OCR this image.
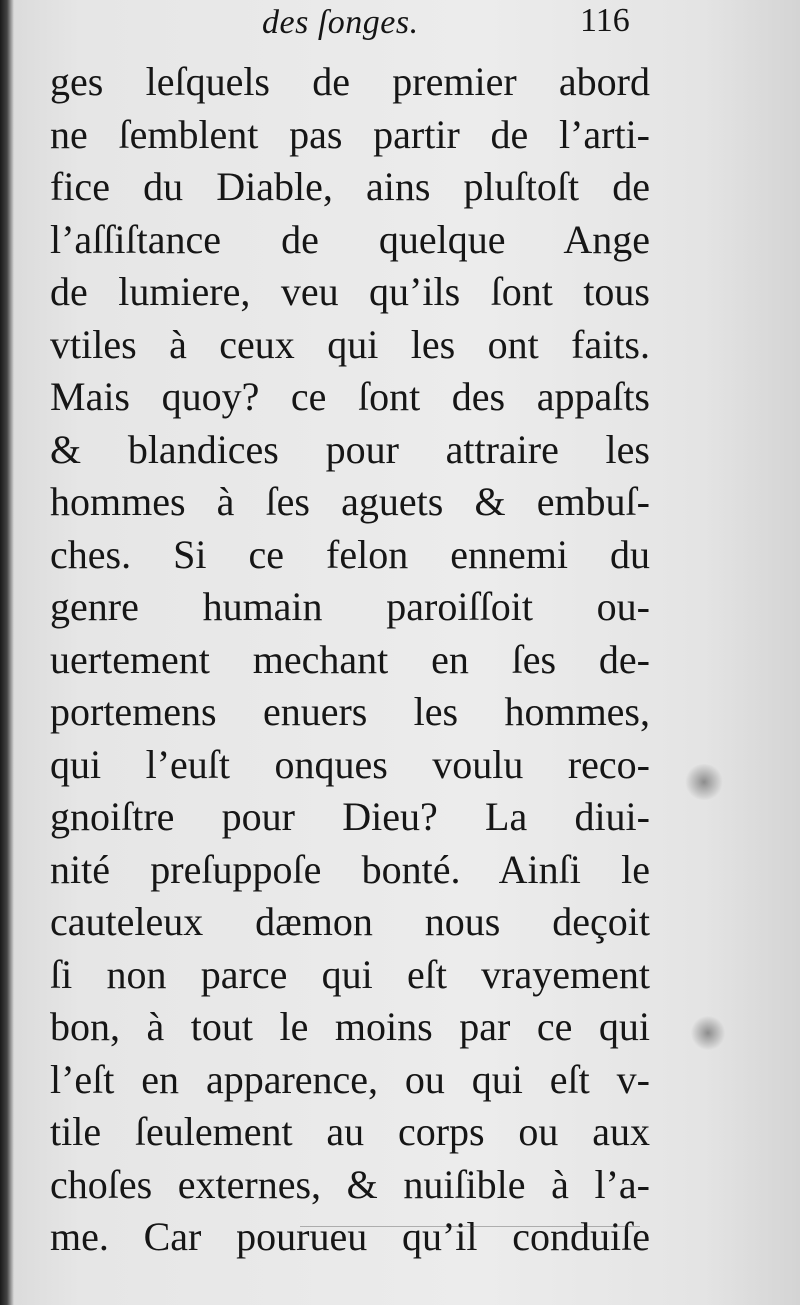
des ſonges.	116
ges leſquels de premier abord
ne ſemblent pas partir de l’arti-
fice du Diable, ains pluſtoſt de
l’aſſiſtance de quelque Ange
de lumiere, veu qu’ils ſont tous
vtiles à ceux qui les ont faits.
Mais quoy? ce ſont des appaſts
& blandices pour attraire les
hommes à ſes aguets & embuſ-
ches. Si ce felon ennemi du
genre humain paroiſſoit ou-
uertement mechant en ſes de-
portemens enuers les hommes,
qui l’euſt onques voulu reco-
gnoiſtre pour Dieu? La diui-
nité preſuppoſe bonté. Ainſi le
cauteleux dæmon nous deçoit
ſi non parce qui eſt vrayement
bon, à tout le moins par ce qui
l’eſt en apparence, ou qui eſt v-
tile ſeulement au corps ou aux
choſes externes, & nuiſible à l’a-
me. Car pourueu qu’il conduiſe
